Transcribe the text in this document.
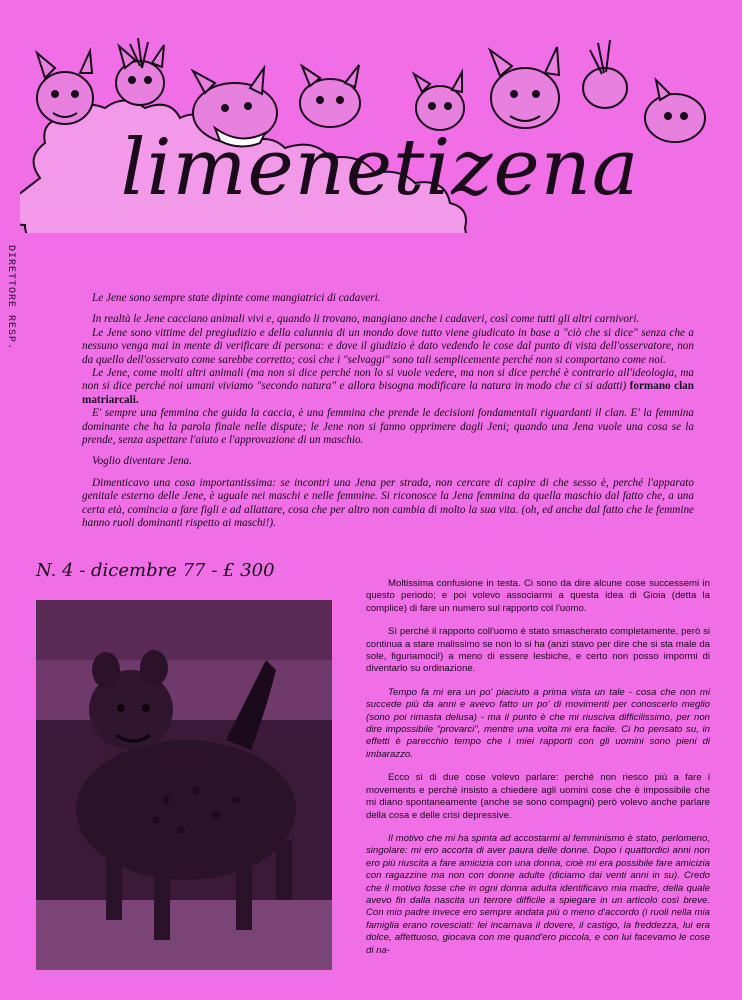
limenetizena
DIRETTORE RESP.	Le Jene sono sempre state dipinte come mangiatrici di cadaveri.

In realtà le Jene cacciano animali vivi e, quando li trovano, mangiano anche i cadaveri, così come tutti gli altri carnivori.

Le Jene sono vittime del pregiudizio e della calunnia di un mondo dove tutto viene giudicato in base a "ciò che si dice" senza che a nessuno venga mai in mente di verificare di persona: e dove il giudizio è dato vedendo le cose dal punto di vista dell'osservatore, non da quello dell'osservato come sarebbe corretto; così che i "selvaggi" sono tali semplicemente perché non si comportano come noi.

Le Jene, come molti altri animali (ma non si dice perché non lo si vuole vedere, ma non si dice perché è contrario all'ideologia, ma non si dice perché noi umani viviamo "secondo natura" e allora bisogna modificare la natura in modo che ci si adatti) formano clan matriarcali.

E' sempre una femmina che guida la caccia, è una femmina che prende le decisioni fondamentali riguardanti il clan. E' la femmina dominante che ha la parola finale nelle dispute; le Jene non si fanno opprimere dagli Jeni; quando una Jena vuole una cosa se la prende, senza aspettare l'aiuto e l'approvazione di un maschio.

Voglio diventare Jena.

Dimenticavo una cosa importantissima: se incontri una Jena per strada, non cercare di capire di che sesso è, perché l'apparato genitale esterno delle Jene, è uguale nei maschi e nelle femmine. Si riconosce la Jena femmina da quella maschio dal fatto che, a una certa età, comincia a fare figli e ad allattare, cosa che per altro non cambia di molto la sua vita. (oh, ed anche dal fatto che le femmine hanno ruoli dominanti rispetto ai maschi!).

N. 4 - dicembre 77 - £ 300

Moltissima confusione in testa. Ci sono da dire alcune cose successemi in questo periodo; e poi volevo associarmi a questa idea di Gioia (detta la complice) di fare un numero sul rapporto col l'uomo.

Sì perché il rapporto coll'uomo è stato smascherato completamente, però si continua a stare malissimo se non lo si ha (anzi stavo per dire che si sta male da sole, figuriamoci!) a meno di essere lesbiche, e certo non posso impormi di diventarlo su ordinazione.

Tempo fa mi era un po' piaciuto a prima vista un tale - cosa che non mi succede più da anni e avevo fatto un po' di movimenti per conoscerlo meglio (sono poi rimasta delusa) - ma il punto è che mi riusciva difficilissimo, per non dire impossibile "provarci", mentre una volta mi era facile. Ci ho pensato su, in effetti è parecchio tempo che i miei rapporti con gli uomini sono pieni di imbarazzo.

Ecco sì di due cose volevo parlare: perché non riesco più a fare i movements e perché insisto a chiedere agli uomini cose che è impossibile che mi diano spontaneamente (anche se sono compagni) però volevo anche parlare della cosa e delle crisi depressive.

Il motivo che mi ha spinta ad accostarmi al femminismo è stato, perlomeno, singolare: mi ero accorta di aver paura delle donne. Dopo i quattordici anni non ero più riuscita a fare amicizia con una donna, cioè mi era possibile fare amicizia con ragazzine ma non con donne adulte (diciamo dai venti anni in su). Credo che il motivo fosse che in ogni donna adulta identificavo mia madre, della quale avevo fin dalla nascita un terrore difficile a spiegare in un articolo così breve. Con mio padre invece ero sempre andata più o meno d'accordo (i ruoli nella mia famiglia erano rovesciati: lei incarnava il dovere, il castigo, la freddezza, lui era dolce, affettuoso, giocava con me quand'ero piccola, e con lui facevamo le cose di na-
